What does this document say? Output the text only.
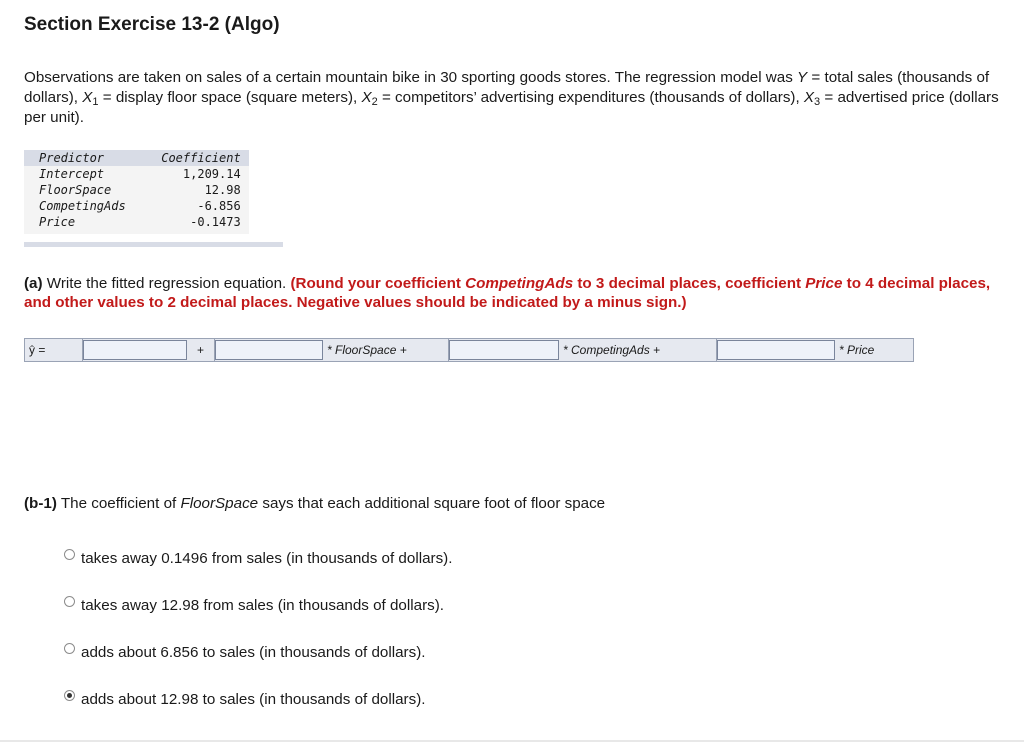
Section Exercise 13-2 (Algo)
Observations are taken on sales of a certain mountain bike in 30 sporting goods stores. The regression model was Y = total sales (thousands of dollars), $X_1$ = display floor space (square meters), $X_2$ = competitors’ advertising expenditures (thousands of dollars), $X_3$ = advertised price (dollars per unit).
Predictor	Coefficient
Intercept	1,209.14
FloorSpace	12.98
CompetingAds	-6.856
Price	-0.1473
(a) Write the fitted regression equation. (Round your coefficient CompetingAds to 3 decimal places, coefficient Price to 4 decimal places, and other values to 2 decimal places. Negative values should be indicated by a minus sign.)
ŷ =	+	* FloorSpace +	* CompetingAds +	* Price
(b-1) The coefficient of FloorSpace says that each additional square foot of floor space
takes away 0.1496 from sales (in thousands of dollars).
takes away 12.98 from sales (in thousands of dollars).
adds about 6.856 to sales (in thousands of dollars).
adds about 12.98 to sales (in thousands of dollars).
